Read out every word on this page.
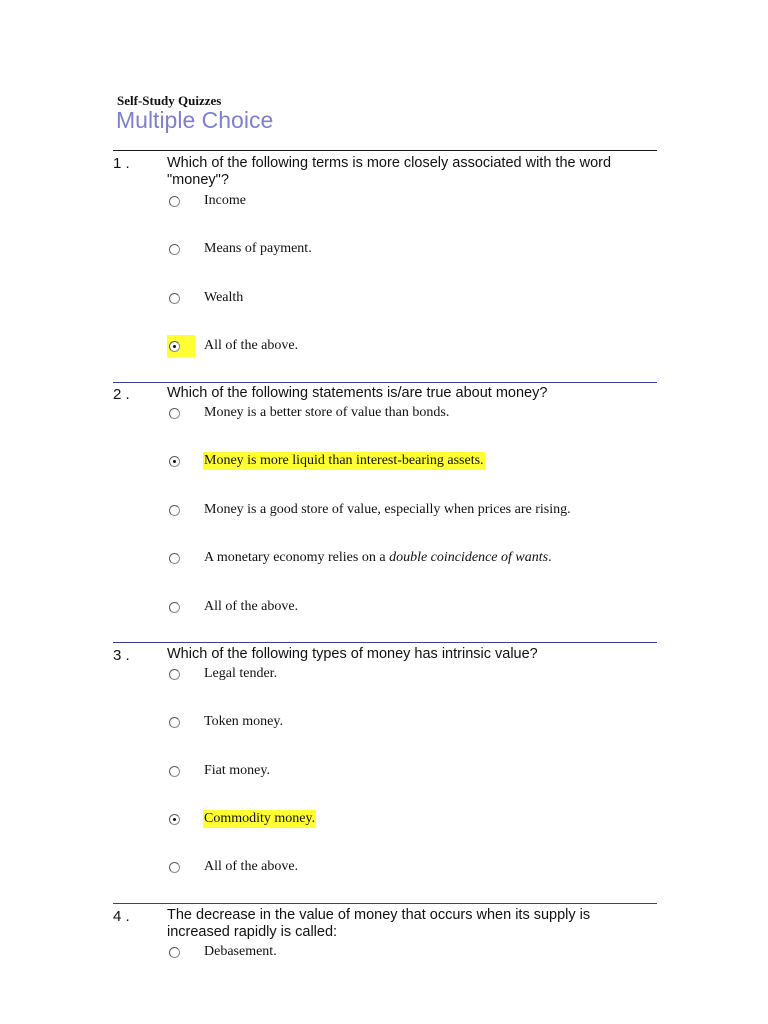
Self-Study Quizzes
Multiple Choice
1 .	Which of the following terms is more closely associated with the word "money"?
Income
Means of payment.
Wealth
All of the above.
2 .	Which of the following statements is/are true about money?
Money is a better store of value than bonds.
Money is more liquid than interest-bearing assets.
Money is a good store of value, especially when prices are rising.
A monetary economy relies on a double coincidence of wants.
All of the above.
3 .	Which of the following types of money has intrinsic value?
Legal tender.
Token money.
Fiat money.
Commodity money.
All of the above.
4 .	The decrease in the value of money that occurs when its supply is increased rapidly is called:
Debasement.
